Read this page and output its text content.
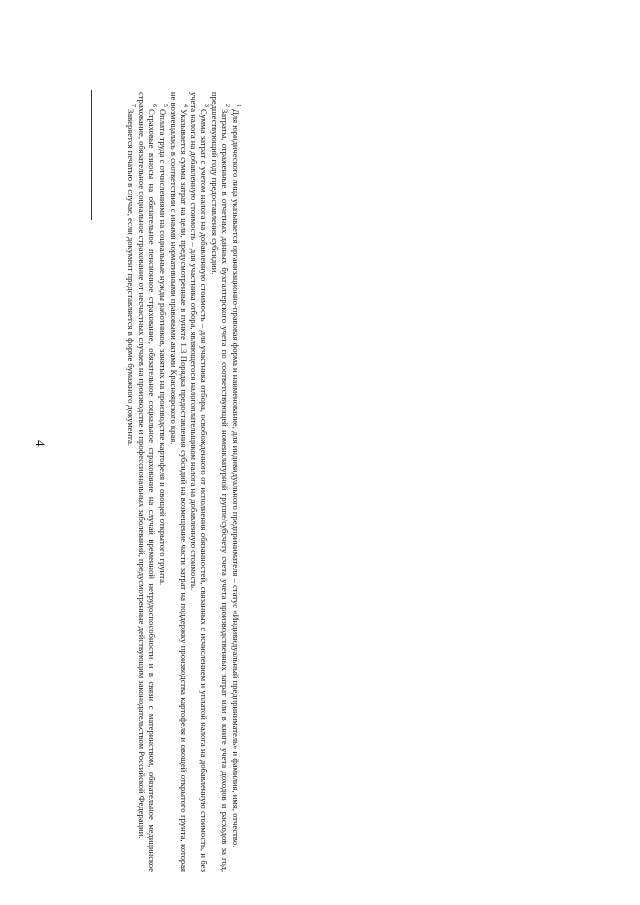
4

$^1$Для юридического лица указывается организационно-правовая форма и наименование, для индивидуального предпринимателя – статус «Индивидуальный предприниматель» и фамилия, имя, отчество.

$^2$Затраты, отраженные в отчетных данных бухгалтерского учета по соответствующей номенклатурной группе/субсчету счета учета производственных затрат или в книге учета доходов и расходов за год, предшествующий году предоставления субсидии.

$^3$Сумма затрат с учетом налога на добавленную стоимость – для участника отбора, освобожденного от исполнения обязанностей, связанных с исчислением и уплатой налога на добавленную стоимость, и без учета налога на добавленную стоимость – для участника отбора, являющегося налогоплательщиком налога на добавленную стоимость.

$^4$Указывается сумма затрат на цели, предусмотренные в пункте 1.3 Порядка предоставления субсидий на возмещение части затрат на поддержку производства картофеля и овощей открытого грунта, которая не возмещалась в соответствии с иными нормативными правовыми актами Красноярского края.

$^5$Оплата труда с отчислениями на социальные нужды работников, занятых на производстве картофеля и овощей открытого грунта.

$^6$Страховые взносы на обязательное пенсионное страхование, обязательное социальное страхование на случай временной нетрудоспособности и в связи с материнством, обязательное медицинское страхование, обязательное социальное страхование от несчастных случаев на производстве и профессиональных заболеваний, предусмотренные действующим законодательством Российской Федерации.

$^7$Заверяется печатью в случае, если документ представляется в форме бумажного документа.
